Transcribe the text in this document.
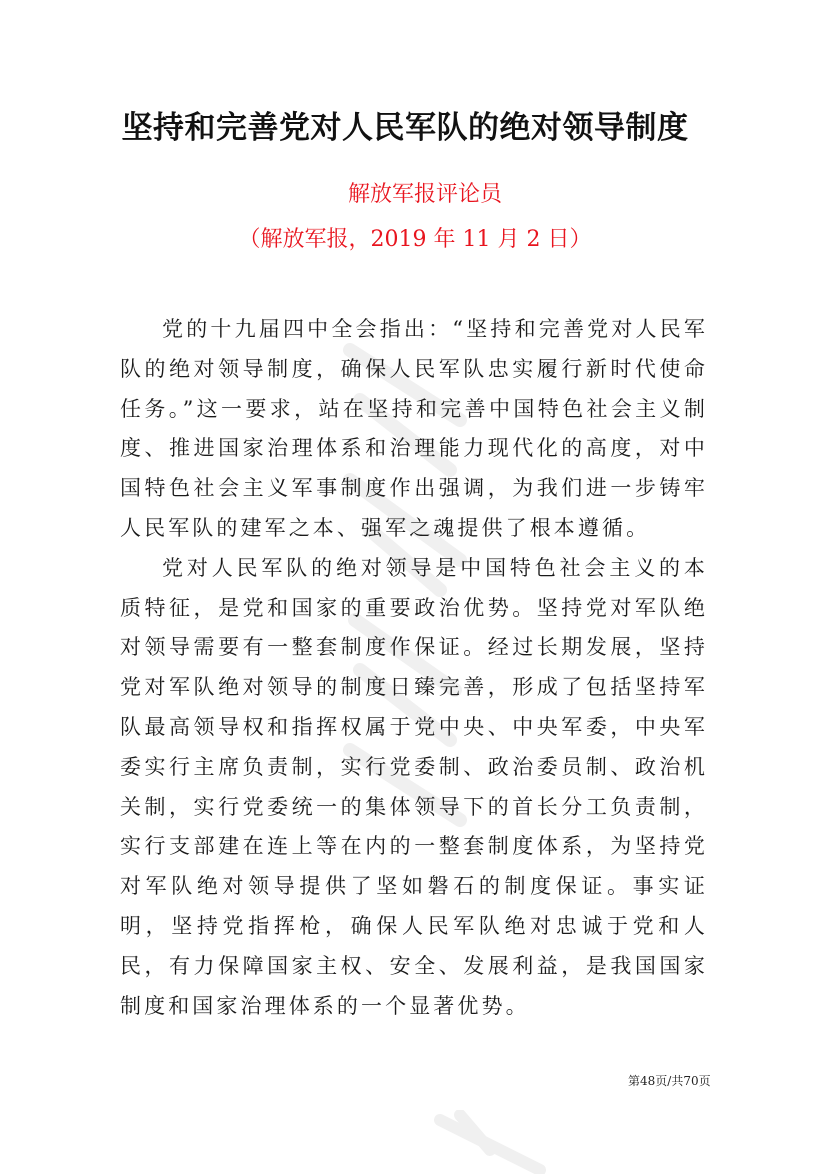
坚持和完善党对人民军队的绝对领导制度
解放军报评论员
（解放军报，2019 年 11 月 2 日）

党的十九届四中全会指出：“坚持和完善党对人民军队的绝对领导制度，确保人民军队忠实履行新时代使命任务。”这一要求，站在坚持和完善中国特色社会主义制度、推进国家治理体系和治理能力现代化的高度，对中国特色社会主义军事制度作出强调，为我们进一步铸牢人民军队的建军之本、强军之魂提供了根本遵循。

党对人民军队的绝对领导是中国特色社会主义的本质特征，是党和国家的重要政治优势。坚持党对军队绝对领导需要有一整套制度作保证。经过长期发展，坚持党对军队绝对领导的制度日臻完善，形成了包括坚持军队最高领导权和指挥权属于党中央、中央军委，中央军委实行主席负责制，实行党委制、政治委员制、政治机关制，实行党委统一的集体领导下的首长分工负责制，实行支部建在连上等在内的一整套制度体系，为坚持党对军队绝对领导提供了坚如磐石的制度保证。事实证明，坚持党指挥枪，确保人民军队绝对忠诚于党和人民，有力保障国家主权、安全、发展利益，是我国国家制度和国家治理体系的一个显著优势。

第48页/共70页
